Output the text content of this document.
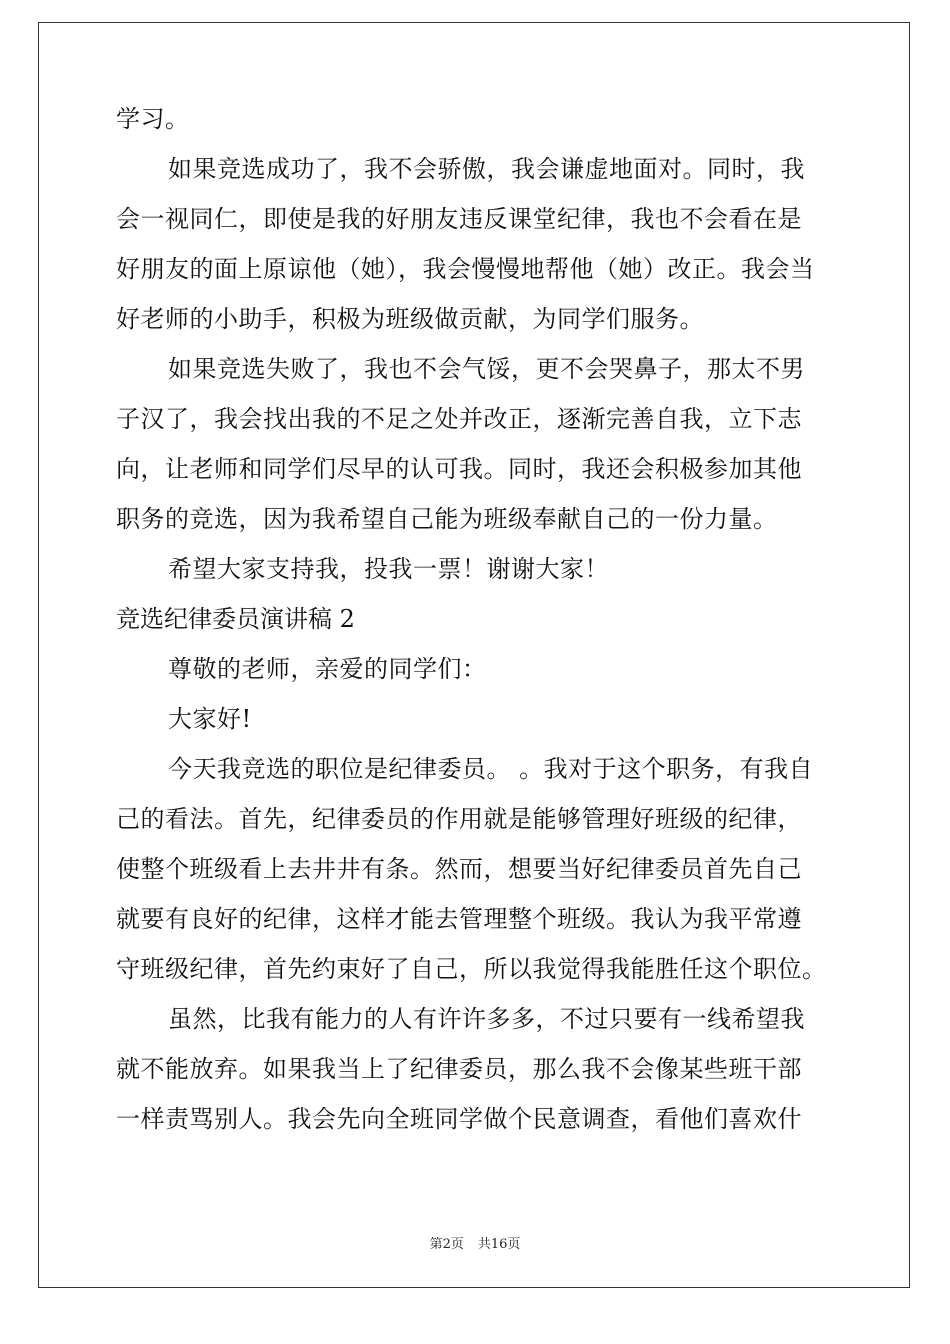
学习。
如果竞选成功了，我不会骄傲，我会谦虚地面对。同时，我
会一视同仁，即使是我的好朋友违反课堂纪律，我也不会看在是
好朋友的面上原谅他（她），我会慢慢地帮他（她）改正。我会当
好老师的小助手，积极为班级做贡献，为同学们服务。
如果竞选失败了，我也不会气馁，更不会哭鼻子，那太不男
子汉了，我会找出我的不足之处并改正，逐渐完善自我，立下志
向，让老师和同学们尽早的认可我。同时，我还会积极参加其他
职务的竞选，因为我希望自己能为班级奉献自己的一份力量。
希望大家支持我，投我一票！谢谢大家！
竞选纪律委员演讲稿 2
尊敬的老师，亲爱的同学们：
大家好!
今天我竞选的职位是纪律委员。 。我对于这个职务，有我自
己的看法。首先，纪律委员的作用就是能够管理好班级的纪律，
使整个班级看上去井井有条。然而，想要当好纪律委员首先自己
就要有良好的纪律，这样才能去管理整个班级。我认为我平常遵
守班级纪律，首先约束好了自己，所以我觉得我能胜任这个职位。
虽然，比我有能力的人有许许多多，不过只要有一线希望我
就不能放弃。如果我当上了纪律委员，那么我不会像某些班干部
一样责骂别人。我会先向全班同学做个民意调查，看他们喜欢什
第2页 共16页
